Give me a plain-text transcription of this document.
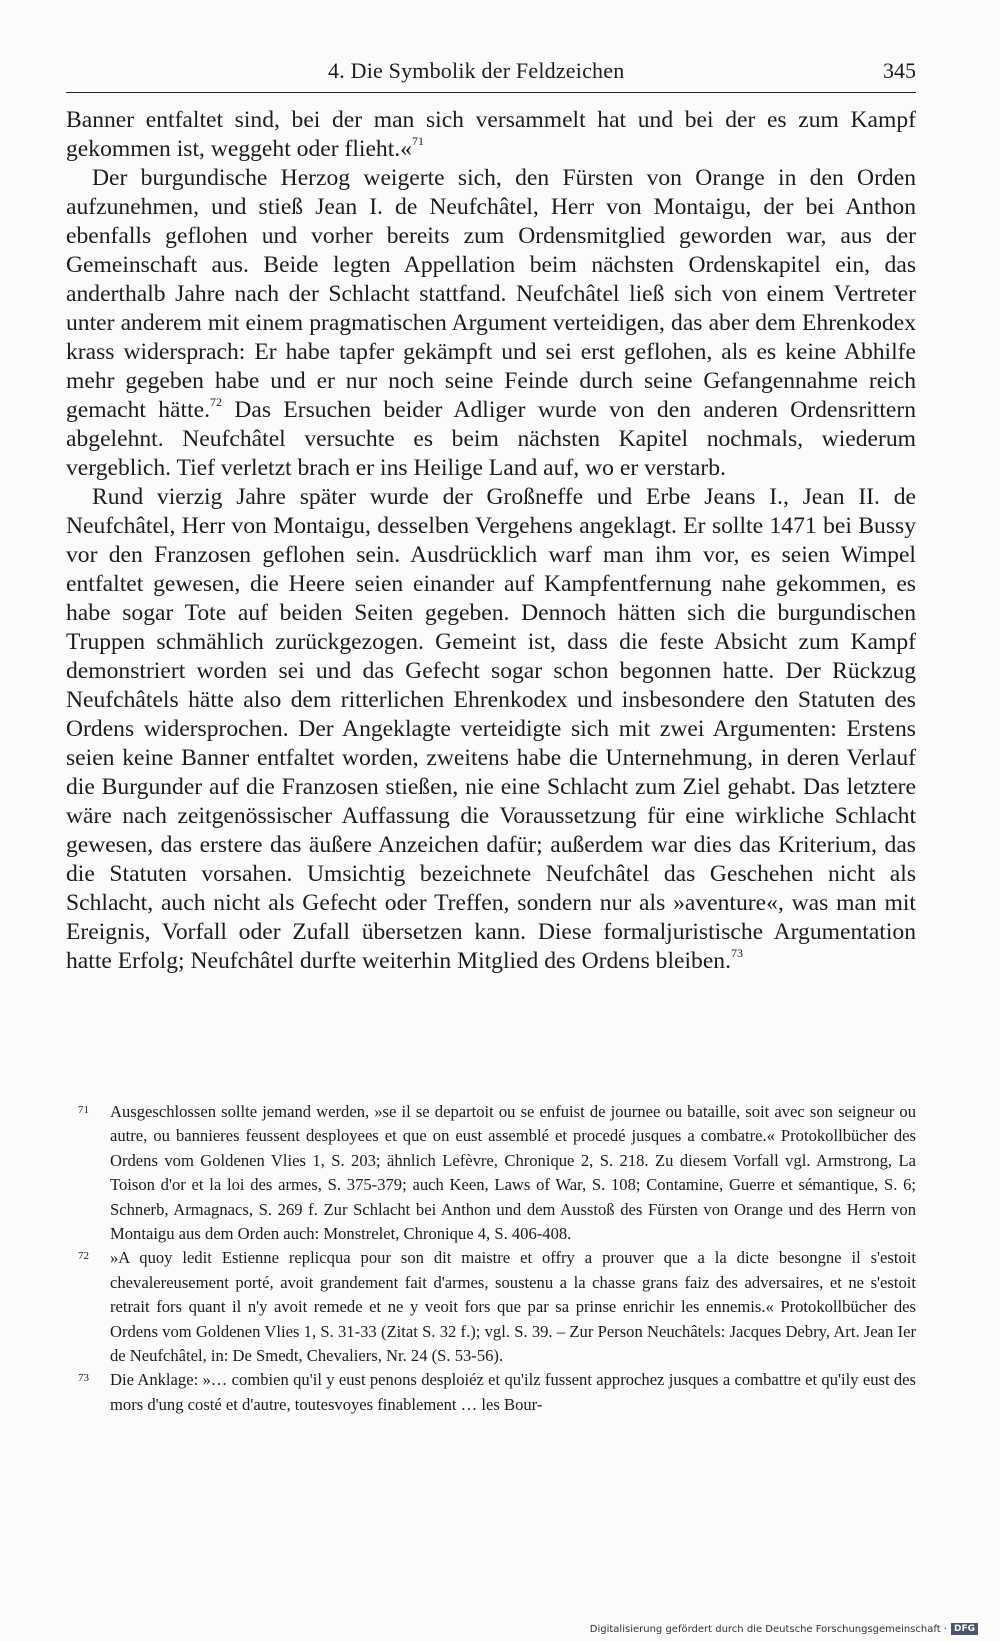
4. Die Symbolik der Feldzeichen	345

Banner entfaltet sind, bei der man sich versammelt hat und bei der es zum Kampf gekommen ist, weggeht oder flieht.«$^{71}$

Der burgundische Herzog weigerte sich, den Fürsten von Orange in den Orden aufzunehmen, und stieß Jean I. de Neufchâtel, Herr von Montaigu, der bei Anthon ebenfalls geflohen und vorher bereits zum Ordensmitglied geworden war, aus der Gemeinschaft aus. Beide legten Appellation beim nächsten Ordenskapitel ein, das anderthalb Jahre nach der Schlacht stattfand. Neufchâtel ließ sich von einem Vertreter unter anderem mit einem pragmatischen Argument verteidigen, das aber dem Ehrenkodex krass widersprach: Er habe tapfer gekämpft und sei erst geflohen, als es keine Abhilfe mehr gegeben habe und er nur noch seine Feinde durch seine Gefangennahme reich gemacht hätte.$^{72}$ Das Ersuchen beider Adliger wurde von den anderen Ordensrittern abgelehnt. Neufchâtel versuchte es beim nächsten Kapitel nochmals, wiederum vergeblich. Tief verletzt brach er ins Heilige Land auf, wo er verstarb.

Rund vierzig Jahre später wurde der Großneffe und Erbe Jeans I., Jean II. de Neufchâtel, Herr von Montaigu, desselben Vergehens angeklagt. Er sollte 1471 bei Bussy vor den Franzosen geflohen sein. Ausdrücklich warf man ihm vor, es seien Wimpel entfaltet gewesen, die Heere seien einander auf Kampfentfernung nahe gekommen, es habe sogar Tote auf beiden Seiten gegeben. Dennoch hätten sich die burgundischen Truppen schmählich zurückgezogen. Gemeint ist, dass die feste Absicht zum Kampf demonstriert worden sei und das Gefecht sogar schon begonnen hatte. Der Rückzug Neufchâtels hätte also dem ritterlichen Ehrenkodex und insbesondere den Statuten des Ordens widersprochen. Der Angeklagte verteidigte sich mit zwei Argumenten: Erstens seien keine Banner entfaltet worden, zweitens habe die Unternehmung, in deren Verlauf die Burgunder auf die Franzosen stießen, nie eine Schlacht zum Ziel gehabt. Das letztere wäre nach zeitgenössischer Auffassung die Voraussetzung für eine wirkliche Schlacht gewesen, das erstere das äußere Anzeichen dafür; außerdem war dies das Kriterium, das die Statuten vorsahen. Umsichtig bezeichnete Neufchâtel das Geschehen nicht als Schlacht, auch nicht als Gefecht oder Treffen, sondern nur als »aventure«, was man mit Ereignis, Vorfall oder Zufall übersetzen kann. Diese formaljuristische Argumentation hatte Erfolg; Neufchâtel durfte weiterhin Mitglied des Ordens bleiben.$^{73}$

71 Ausgeschlossen sollte jemand werden, »se il se departoit ou se enfuist de journee ou bataille, soit avec son seigneur ou autre, ou bannieres feussent desployees et que on eust assemblé et procedé jusques a combatre.« Protokollbücher des Ordens vom Goldenen Vlies 1, S. 203; ähnlich Lefèvre, Chronique 2, S. 218. Zu diesem Vorfall vgl. Armstrong, La Toison d'or et la loi des armes, S. 375-379; auch Keen, Laws of War, S. 108; Contamine, Guerre et sémantique, S. 6; Schnerb, Armagnacs, S. 269 f. Zur Schlacht bei Anthon und dem Ausstoß des Fürsten von Orange und des Herrn von Montaigu aus dem Orden auch: Monstrelet, Chronique 4, S. 406-408.
72 »A quoy ledit Estienne replicqua pour son dit maistre et offry a prouver que a la dicte besongne il s'estoit chevalereusement porté, avoit grandement fait d'armes, soustenu a la chasse grans faiz des adversaires, et ne s'estoit retrait fors quant il n'y avoit remede et ne y veoit fors que par sa prinse enrichir les ennemis.« Protokollbücher des Ordens vom Goldenen Vlies 1, S. 31-33 (Zitat S. 32 f.); vgl. S. 39. – Zur Person Neuchâtels: Jacques Debry, Art. Jean Ier de Neufchâtel, in: De Smedt, Chevaliers, Nr. 24 (S. 53-56).
73 Die Anklage: »… combien qu'il y eust penons desploiéz et qu'ilz fussent approchez jusques a combattre et qu'ily eust des mors d'ung costé et d'autre, toutesvoyes finablement … les Bour-
Digitalisierung gefördert durch die Deutsche Forschungsgemeinschaft · DFG
